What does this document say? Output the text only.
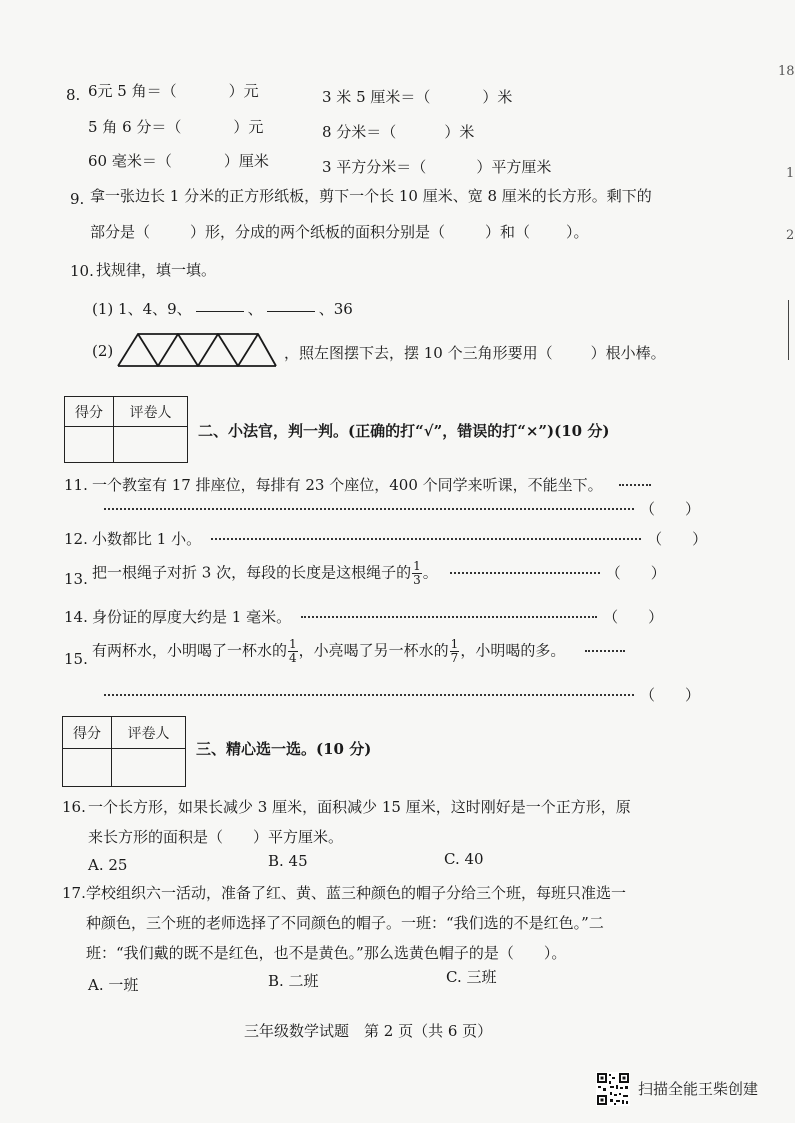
18
1
2
8. 6元 5 角＝（	）元	3 米 5 厘米＝（	）米
5 角 6 分＝（	）元	8 分米＝（	）米
60 毫米＝（	）厘米	3 平方分米＝（	）平方厘米
9. 拿一张边长 1 分米的正方形纸板，剪下一个长 10 厘米、宽 8 厘米的长方形。剩下的
部分是（	）形，分成的两个纸板的面积分别是（	）和（ ）。
10. 找规律，填一填。
(1) 1、4、9、	、	、36
(2)	，照左图摆下去，摆 10 个三角形要用（	）根小棒。
得分	评卷人

二、小法官，判一判。(正确的打“√”，错误的打“×”)(10 分)
11. 一个教室有 17 排座位，每排有 23 个座位，400 个同学来听课，不能坐下。
（　　）
12. 小数都比 1 小。	（　　）
13. 把一根绳子对折 3 次，每段的长度是这根绳子的 $\frac{1}{3}$ 。	（　　）
14. 身份证的厚度大约是 1 毫米。	（　　）
15. 有两杯水，小明喝了一杯水的 $\frac{1}{4}$ ，小亮喝了另一杯水的 $\frac{1}{7}$ ，小明喝的多。
（　　）
得分	评卷人

三、精心选一选。(10 分)
16. 一个长方形，如果长减少 3 厘米，面积减少 15 厘米，这时刚好是一个正方形，原
来长方形的面积是（　　）平方厘米。
A. 25	B. 45	C. 40
17. 学校组织六一活动，准备了红、黄、蓝三种颜色的帽子分给三个班，每班只准选一
种颜色，三个班的老师选择了不同颜色的帽子。一班：“我们选的不是红色。”二
班：“我们戴的既不是红色，也不是黄色。”那么选黄色帽子的是（　　）。
A. 一班	B. 二班	C. 三班
三年级数学试题　第 2 页（共 6 页）
扫描全能王柴创建
